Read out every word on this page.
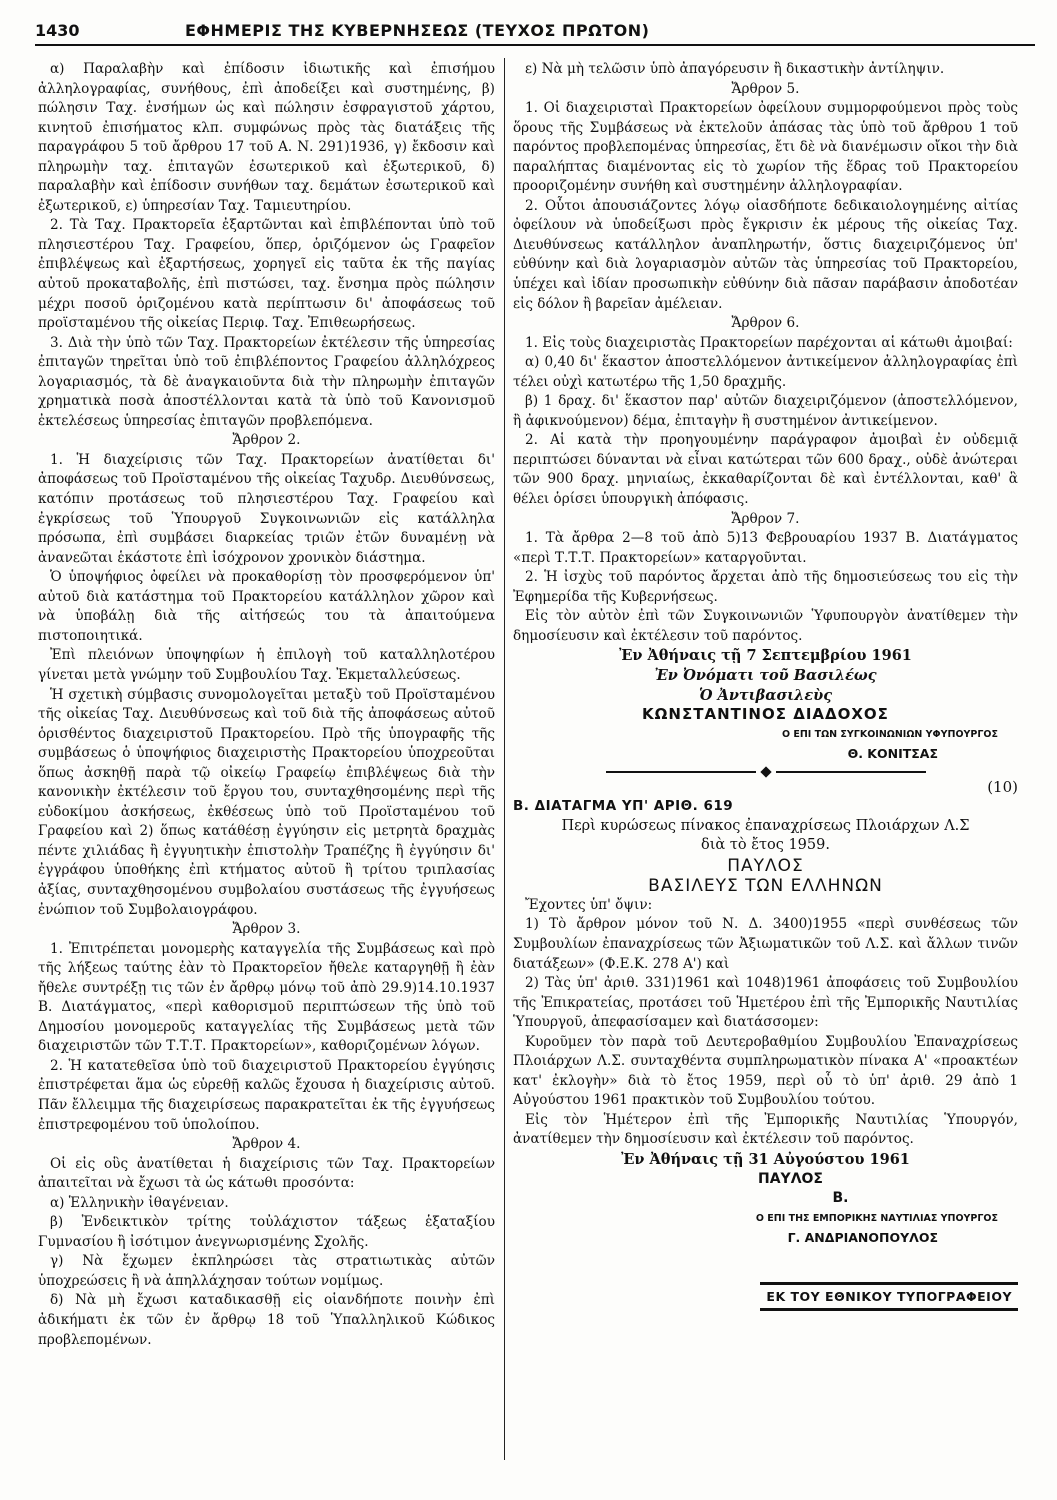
1430	ΕΦΗΜΕΡΙΣ ΤΗΣ ΚΥΒΕΡΝΗΣΕΩΣ (ΤΕΥΧΟΣ ΠΡΩΤΟΝ)

α) Παραλαβὴν καὶ ἐπίδοσιν ἰδιωτικῆς καὶ ἐπισήμου ἀλληλογραφίας, συνήθους, ἐπὶ ἀποδείξει καὶ συστημένης, β) πώλησιν Ταχ. ἐνσήμων ὡς καὶ πώλησιν ἐσφραγιστοῦ χάρτου, κινητοῦ ἐπισήματος κλπ. συμφώνως πρὸς τὰς διατάξεις τῆς παραγράφου 5 τοῦ ἄρθρου 17 τοῦ Α. Ν. 291)1936, γ) ἔκδοσιν καὶ πληρωμὴν ταχ. ἐπιταγῶν ἐσωτερικοῦ καὶ ἐξωτερικοῦ, δ) παραλαβὴν καὶ ἐπίδοσιν συνήθων ταχ. δεμάτων ἐσωτερικοῦ καὶ ἐξωτερικοῦ, ε) ὑπηρεσίαν Ταχ. Ταμιευτηρίου.

2. Τὰ Ταχ. Πρακτορεῖα ἐξαρτῶνται καὶ ἐπιβλέπονται ὑπὸ τοῦ πλησιεστέρου Ταχ. Γραφείου, ὅπερ, ὁριζόμενον ὡς Γραφεῖον ἐπιβλέψεως καὶ ἐξαρτήσεως, χορηγεῖ εἰς ταῦτα ἐκ τῆς παγίας αὐτοῦ προκαταβολῆς, ἐπὶ πιστώσει, ταχ. ἔνσημα πρὸς πώλησιν μέχρι ποσοῦ ὁριζομένου κατὰ περίπτωσιν δι' ἀποφάσεως τοῦ προϊσταμένου τῆς οἰκείας Περιφ. Ταχ. Ἐπιθεωρήσεως.

3. Διὰ τὴν ὑπὸ τῶν Ταχ. Πρακτορείων ἐκτέλεσιν τῆς ὑπηρεσίας ἐπιταγῶν τηρεῖται ὑπὸ τοῦ ἐπιβλέποντος Γραφείου ἀλληλόχρεος λογαριασμός, τὰ δὲ ἀναγκαιοῦντα διὰ τὴν πληρωμὴν ἐπιταγῶν χρηματικὰ ποσὰ ἀποστέλλονται κατὰ τὰ ὑπὸ τοῦ Κανονισμοῦ ἐκτελέσεως ὑπηρεσίας ἐπιταγῶν προβλεπόμενα.

Ἄρθρον 2.

1. Ἡ διαχείρισις τῶν Ταχ. Πρακτορείων ἀνατίθεται δι' ἀποφάσεως τοῦ Προϊσταμένου τῆς οἰκείας Ταχυδρ. Διευθύνσεως, κατόπιν προτάσεως τοῦ πλησιεστέρου Ταχ. Γραφείου καὶ ἐγκρίσεως τοῦ Ὑπουργοῦ Συγκοινωνιῶν εἰς κατάλληλα πρόσωπα, ἐπὶ συμβάσει διαρκείας τριῶν ἐτῶν δυναμένῃ νὰ ἀνανεῶται ἑκάστοτε ἐπὶ ἰσόχρονον χρονικὸν διάστημα.

Ὁ ὑποψήφιος ὀφείλει νὰ προκαθορίσῃ τὸν προσφερόμενον ὑπ' αὐτοῦ διὰ κατάστημα τοῦ Πρακτορείου κατάλληλον χῶρον καὶ νὰ ὑποβάλῃ διὰ τῆς αἰτήσεώς του τὰ ἀπαιτούμενα πιστοποιητικά.

Ἐπὶ πλειόνων ὑποψηφίων ἡ ἐπιλογὴ τοῦ καταλληλοτέρου γίνεται μετὰ γνώμην τοῦ Συμβουλίου Ταχ. Ἐκμεταλλεύσεως.

Ἡ σχετικὴ σύμβασις συνομολογεῖται μεταξὺ τοῦ Προϊσταμένου τῆς οἰκείας Ταχ. Διευθύνσεως καὶ τοῦ διὰ τῆς ἀποφάσεως αὐτοῦ ὁρισθέντος διαχειριστοῦ Πρακτορείου. Πρὸ τῆς ὑπογραφῆς τῆς συμβάσεως ὁ ὑποψήφιος διαχειριστὴς Πρακτορείου ὑποχρεοῦται ὅπως ἀσκηθῇ παρὰ τῷ οἰκείῳ Γραφείῳ ἐπιβλέψεως διὰ τὴν κανονικὴν ἐκτέλεσιν τοῦ ἔργου του, συνταχθησομένης περὶ τῆς εὐδοκίμου ἀσκήσεως, ἐκθέσεως ὑπὸ τοῦ Προϊσταμένου τοῦ Γραφείου καὶ 2) ὅπως κατάθέσῃ ἐγγύησιν εἰς μετρητὰ δραχμὰς πέντε χιλιάδας ἢ ἐγγυητικὴν ἐπιστολὴν Τραπέζης ἢ ἐγγύησιν δι' ἐγγράφου ὑποθήκης ἐπὶ κτήματος αὐτοῦ ἢ τρίτου τριπλασίας ἀξίας, συνταχθησομένου συμβολαίου συστάσεως τῆς ἐγγυήσεως ἐνώπιον τοῦ Συμβολαιογράφου.

Ἄρθρον 3.

1. Ἐπιτρέπεται μονομερὴς καταγγελία τῆς Συμβάσεως καὶ πρὸ τῆς λήξεως ταύτης ἐὰν τὸ Πρακτορεῖον ἤθελε καταργηθῇ ἢ ἐὰν ἤθελε συντρέξῃ τις τῶν ἐν ἄρθρῳ μόνῳ τοῦ ἀπὸ 29.9)14.10.1937 Β. Διατάγματος, «περὶ καθορισμοῦ περιπτώσεων τῆς ὑπὸ τοῦ Δημοσίου μονομεροῦς καταγγελίας τῆς Συμβάσεως μετὰ τῶν διαχειριστῶν τῶν Τ.Τ.Τ. Πρακτορείων», καθοριζομένων λόγων.

2. Ἡ κατατεθεῖσα ὑπὸ τοῦ διαχειριστοῦ Πρακτορείου ἐγγύησις ἐπιστρέφεται ἅμα ὡς εὑρεθῇ καλῶς ἔχουσα ἡ διαχείρισις αὐτοῦ. Πᾶν ἔλλειμμα τῆς διαχειρίσεως παρακρατεῖται ἐκ τῆς ἐγγυήσεως ἐπιστρεφομένου τοῦ ὑπολοίπου.

Ἄρθρον 4.

Οἱ εἰς οὓς ἀνατίθεται ἡ διαχείρισις τῶν Ταχ. Πρακτορείων ἀπαιτεῖται νὰ ἔχωσι τὰ ὡς κάτωθι προσόντα:

α) Ἑλληνικὴν ἰθαγένειαν.

β) Ἐνδεικτικὸν τρίτης τοὐλάχιστον τάξεως ἑξαταξίου Γυμνασίου ἢ ἰσότιμον ἀνεγνωρισμένης Σχολῆς.

γ) Νὰ ἔχωμεν ἐκπληρώσει τὰς στρατιωτικὰς αὐτῶν ὑποχρεώσεις ἢ νὰ ἀπηλλάχησαν τούτων νομίμως.

δ) Νὰ μὴ ἔχωσι καταδικασθῇ εἰς οἱανδήποτε ποινὴν ἐπὶ ἀδικήματι ἐκ τῶν ἐν ἄρθρῳ 18 τοῦ Ὑπαλληλικοῦ Κώδικος προβλεπομένων.

ε) Νὰ μὴ τελῶσιν ὑπὸ ἀπαγόρευσιν ἢ δικαστικὴν ἀντίληψιν.

Ἄρθρον 5.

1. Οἱ διαχειρισταὶ Πρακτορείων ὀφείλουν συμμορφούμενοι πρὸς τοὺς ὅρους τῆς Συμβάσεως νὰ ἐκτελοῦν ἁπάσας τὰς ὑπὸ τοῦ ἄρθρου 1 τοῦ παρόντος προβλεπομένας ὑπηρεσίας, ἔτι δὲ νὰ διανέμωσιν οἴκοι τὴν διὰ παραλήπτας διαμένοντας εἰς τὸ χωρίον τῆς ἕδρας τοῦ Πρακτορείου προοριζομένην συνήθη καὶ συστημένην ἀλληλογραφίαν.

2. Οὗτοι ἀπουσιάζοντες λόγῳ οἱασδήποτε δεδικαιολογημένης αἰτίας ὀφείλουν νὰ ὑποδείξωσι πρὸς ἔγκρισιν ἐκ μέρους τῆς οἰκείας Ταχ. Διευθύνσεως κατάλληλον ἀναπληρωτήν, ὅστις διαχειριζόμενος ὑπ' εὐθύνην καὶ διὰ λογαριασμὸν αὐτῶν τὰς ὑπηρεσίας τοῦ Πρακτορείου, ὑπέχει καὶ ἰδίαν προσωπικὴν εὐθύνην διὰ πᾶσαν παράβασιν ἀποδοτέαν εἰς δόλον ἢ βαρεῖαν ἀμέλειαν.

Ἄρθρον 6.

1. Εἰς τοὺς διαχειριστὰς Πρακτορείων παρέχονται αἱ κάτωθι ἀμοιβαί:

α) 0,40 δι' ἕκαστον ἀποστελλόμενον ἀντικείμενον ἀλληλογραφίας ἐπὶ τέλει οὐχὶ κατωτέρω τῆς 1,50 δραχμῆς.

β) 1 δραχ. δι' ἕκαστον παρ' αὐτῶν διαχειριζόμενον (ἀποστελλόμενον, ἢ ἀφικνούμενον) δέμα, ἐπιταγὴν ἢ συστημένον ἀντικείμενον.

2. Αἱ κατὰ τὴν προηγουμένην παράγραφον ἀμοιβαὶ ἐν οὐδεμιᾷ περιπτώσει δύνανται νὰ εἶναι κατώτεραι τῶν 600 δραχ., οὐδὲ ἀνώτεραι τῶν 900 δραχ. μηνιαίως, ἐκκαθαρίζονται δὲ καὶ ἐντέλλονται, καθ' ἃ θέλει ὁρίσει ὑπουργικὴ ἀπόφασις.

Ἄρθρον 7.

1. Τὰ ἄρθρα 2—8 τοῦ ἀπὸ 5)13 Φεβρουαρίου 1937 Β. Διατάγματος «περὶ Τ.Τ.Τ. Πρακτορείων» καταργοῦνται.

2. Ἡ ἰσχὺς τοῦ παρόντος ἄρχεται ἀπὸ τῆς δημοσιεύσεως του εἰς τὴν Ἐφημερίδα τῆς Κυβερνήσεως.

Εἰς τὸν αὐτὸν ἐπὶ τῶν Συγκοινωνιῶν Ὑφυπουργὸν ἀνατίθεμεν τὴν δημοσίευσιν καὶ ἐκτέλεσιν τοῦ παρόντος.

Ἐν Ἀθήναις τῇ 7 Σεπτεμβρίου 1961

Ἐν Ὀνόματι τοῦ Βασιλέως

Ὁ Ἀντιβασιλεὺς

ΚΩΝΣΤΑΝΤΙΝΟΣ ΔΙΑΔΟΧΟΣ

Ο ΕΠΙ ΤΩΝ ΣΥΓΚΟΙΝΩΝΙΩΝ ΥΦΥΠΟΥΡΓΟΣ

Θ. ΚΟΝΙΤΣΑΣ

(10)

Β. ΔΙΑΤΑΓΜΑ ΥΠ' ΑΡΙΘ. 619

Περὶ κυρώσεως πίνακος ἐπαναχρίσεως Πλοιάρχων Λ.Σ

διὰ τὸ ἔτος 1959.

ΠΑΥΛΟΣ

ΒΑΣΙΛΕΥΣ ΤΩΝ ΕΛΛΗΝΩΝ

Ἔχοντες ὑπ' ὄψιν:

1) Τὸ ἄρθρον μόνον τοῦ Ν. Δ. 3400)1955 «περὶ συνθέσεως τῶν Συμβουλίων ἐπαναχρίσεως τῶν Ἀξιωματικῶν τοῦ Λ.Σ. καὶ ἄλλων τινῶν διατάξεων» (Φ.Ε.Κ. 278 Α') καὶ

2) Τὰς ὑπ' ἀριθ. 331)1961 καὶ 1048)1961 ἀποφάσεις τοῦ Συμβουλίου τῆς Ἐπικρατείας, προτάσει τοῦ Ἡμετέρου ἐπὶ τῆς Ἐμπορικῆς Ναυτιλίας Ὑπουργοῦ, ἀπεφασίσαμεν καὶ διατάσσομεν:

Κυροῦμεν τὸν παρὰ τοῦ Δευτεροβαθμίου Συμβουλίου Ἐπαναχρίσεως Πλοιάρχων Λ.Σ. συνταχθέντα συμπληρωματικὸν πίνακα Α' «προακτέων κατ' ἐκλογὴν» διὰ τὸ ἔτος 1959, περὶ οὗ τὸ ὑπ' ἀριθ. 29 ἀπὸ 1 Αὐγούστου 1961 πρακτικὸν τοῦ Συμβουλίου τούτου.

Εἰς τὸν Ἡμέτερον ἐπὶ τῆς Ἐμπορικῆς Ναυτιλίας Ὑπουργόν, ἀνατίθεμεν τὴν δημοσίευσιν καὶ ἐκτέλεσιν τοῦ παρόντος.

Ἐν Ἀθήναις τῇ 31 Αὐγούστου 1961

ΠΑΥΛΟΣ

Β.

Ο ΕΠΙ ΤΗΣ ΕΜΠΟΡΙΚΗΣ ΝΑΥΤΙΛΙΑΣ ΥΠΟΥΡΓΟΣ

Γ. ΑΝΔΡΙΑΝΟΠΟΥΛΟΣ

ΕΚ ΤΟΥ ΕΘΝΙΚΟΥ ΤΥΠΟΓΡΑΦΕΙΟΥ
